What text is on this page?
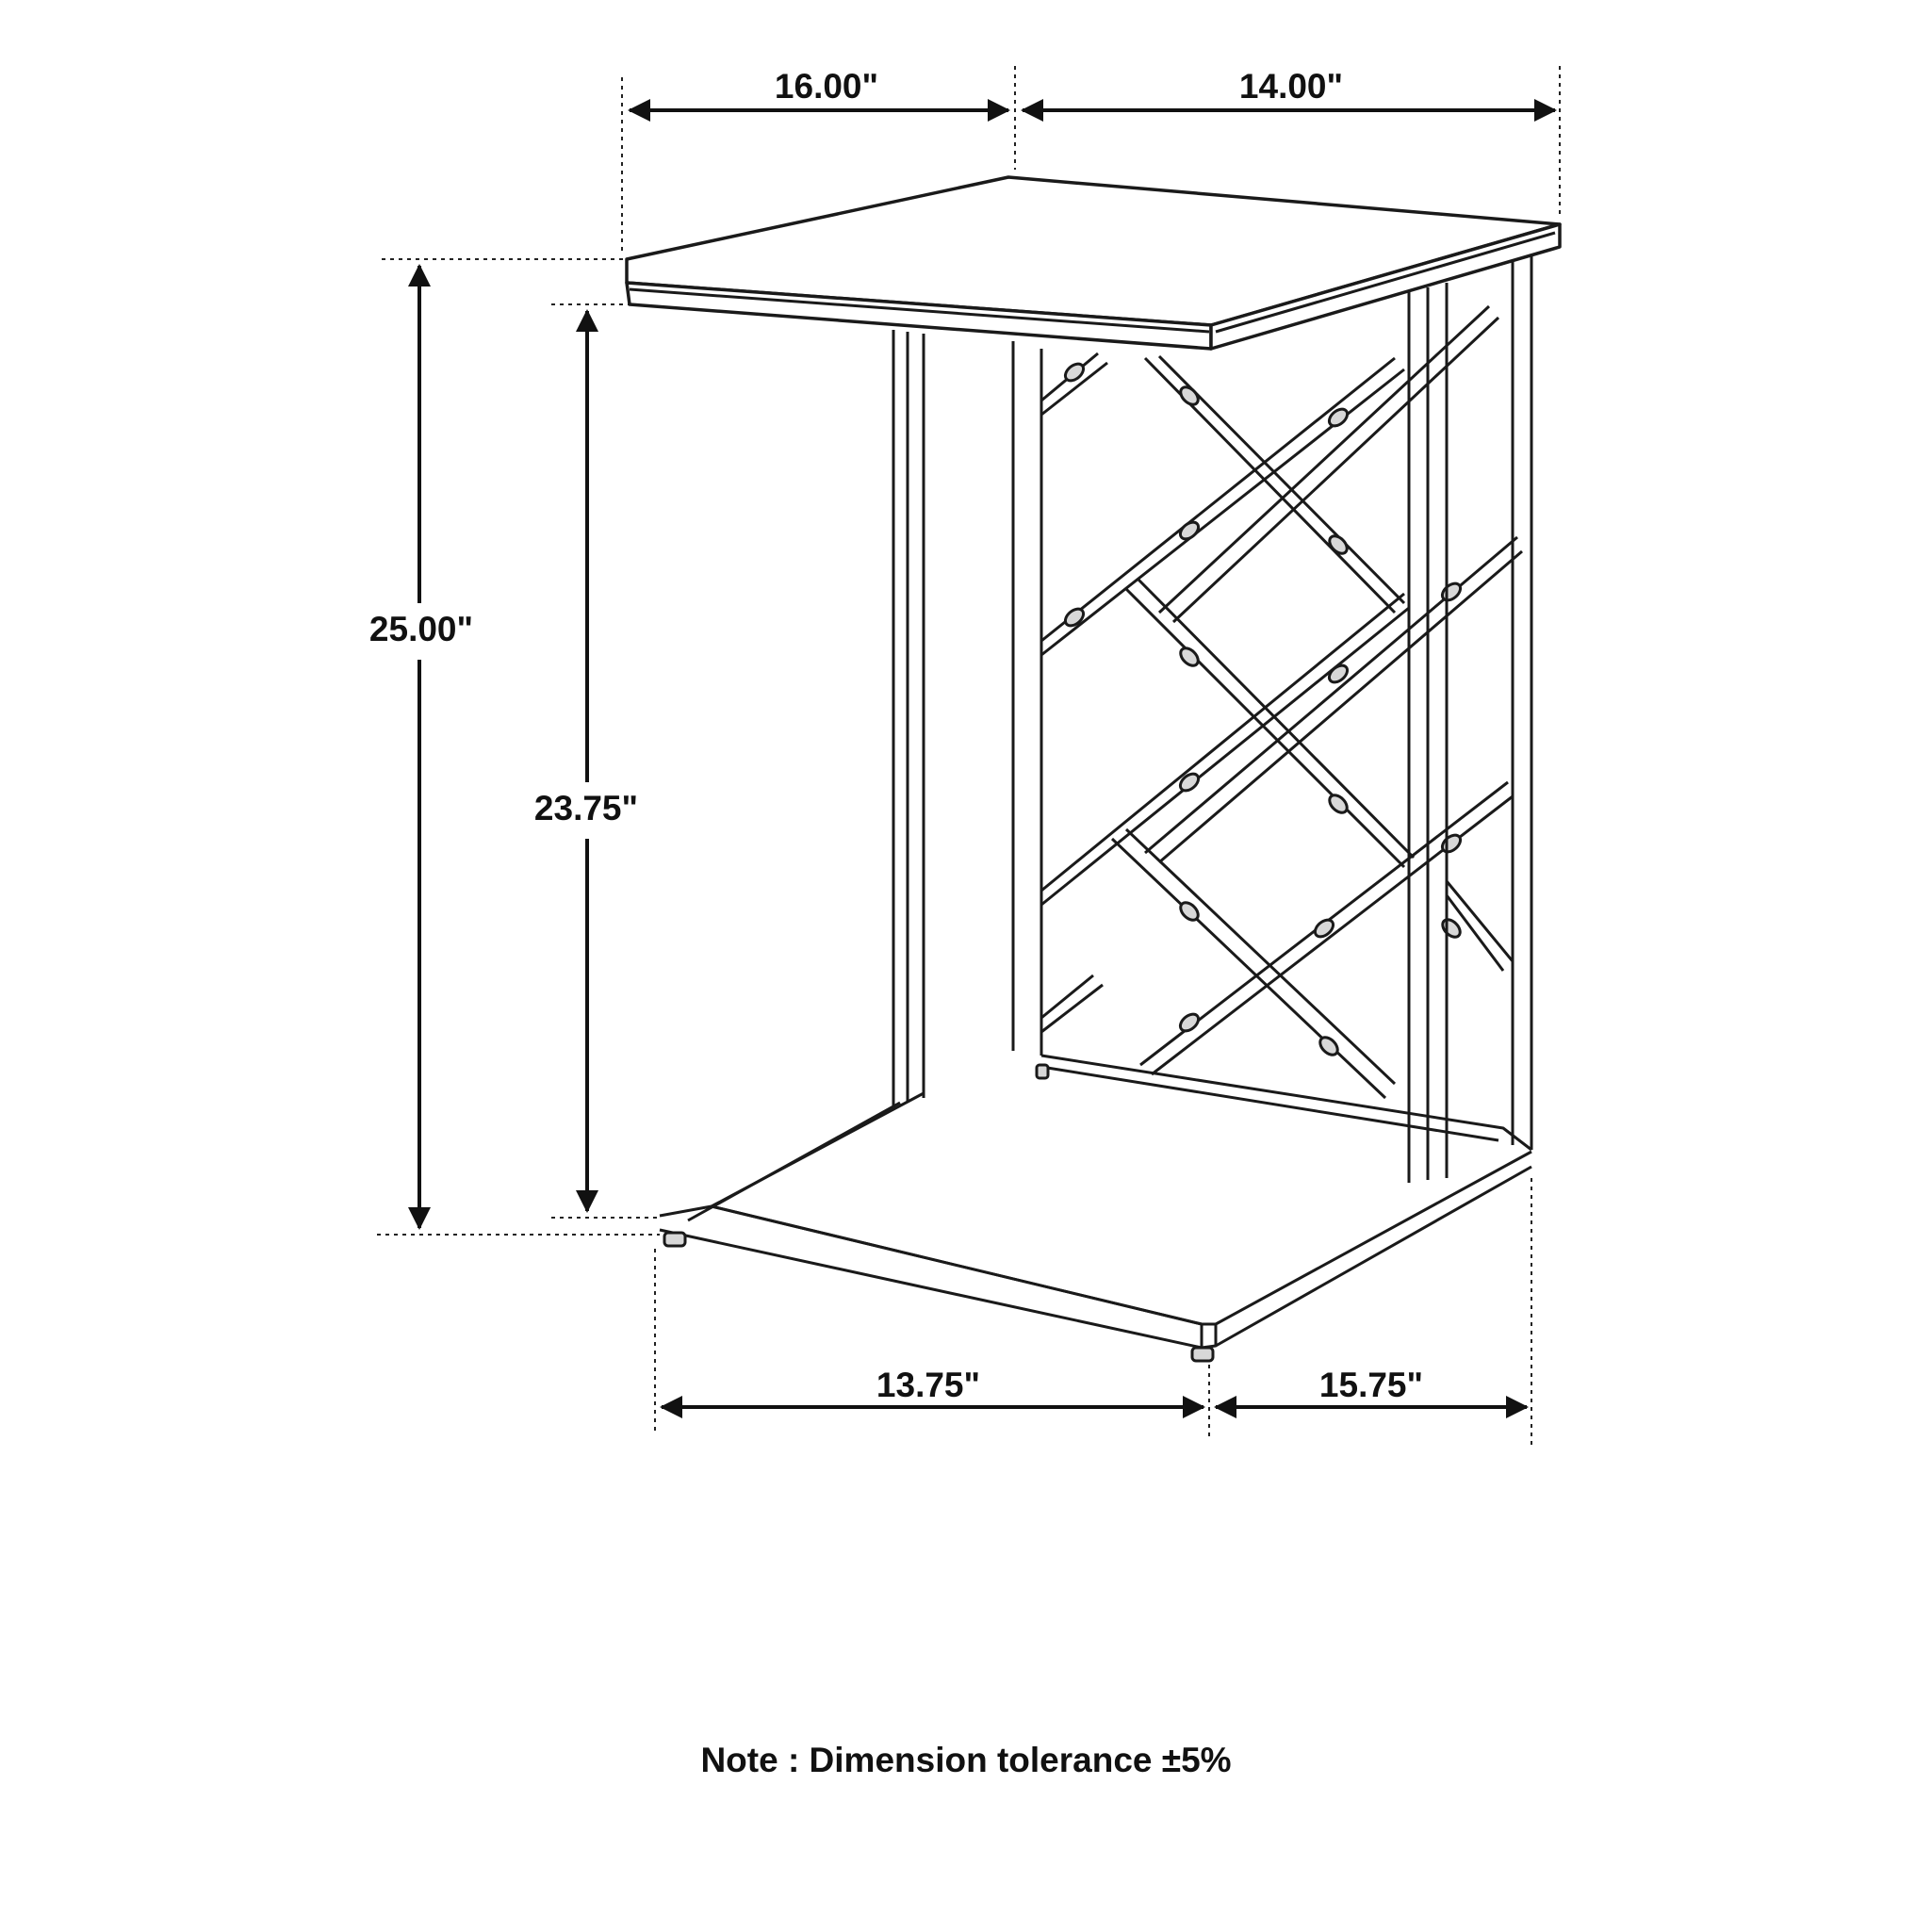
16.00"	14.00"
25.00"
23.75"
13.75"	15.75"
Note : Dimension tolerance ±5%
